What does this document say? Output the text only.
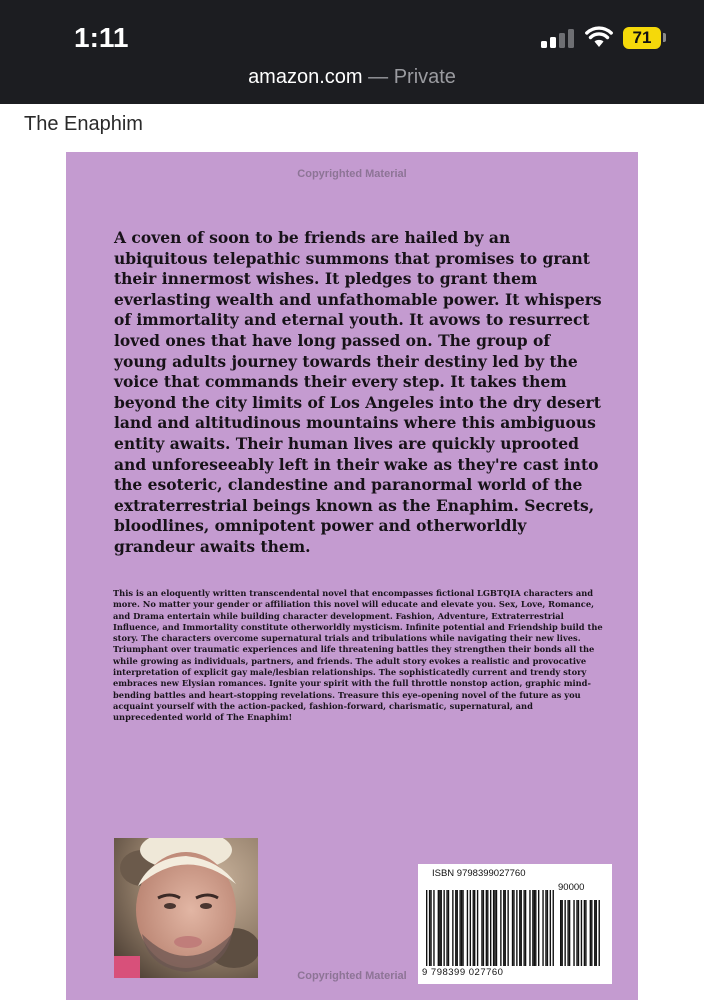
1:11	71
amazon.com — Private
The Enaphim
Copyrighted Material

A coven of soon to be friends are hailed by an ubiquitous telepathic summons that promises to grant their innermost wishes. It pledges to grant them everlasting wealth and unfathomable power. It whispers of immortality and eternal youth. It avows to resurrect loved ones that have long passed on. The group of young adults journey towards their destiny led by the voice that commands their every step. It takes them beyond the city limits of Los Angeles into the dry desert land and altitudinous mountains where this ambiguous entity awaits. Their human lives are quickly uprooted and unforeseeably left in their wake as they're cast into the esoteric, clandestine and paranormal world of the extraterrestrial beings known as the Enaphim. Secrets, bloodlines, omnipotent power and otherworldly grandeur awaits them.

This is an eloquently written transcendental novel that encompasses fictional LGBTQIA characters and more. No matter your gender or affiliation this novel will educate and elevate you. Sex, Love, Romance, and Drama entertain while building character development. Fashion, Adventure, Extraterrestrial Influence, and Immortality constitute otherworldly mysticism. Infinite potential and Friendship build the story. The characters overcome supernatural trials and tribulations while navigating their new lives. Triumphant over traumatic experiences and life threatening battles they strengthen their bonds all the while growing as individuals, partners, and friends. The adult story evokes a realistic and provocative interpretation of explicit gay male/lesbian relationships. The sophisticatedly current and trendy story embraces new Elysian romances. Ignite your spirit with the full throttle nonstop action, graphic mind-bending battles and heart-stopping revelations. Treasure this eye-opening novel of the future as you acquaint yourself with the action-packed, fashion-forward, charismatic, supernatural, and unprecedented world of The Enaphim!

ISBN 9798399027760
90000
9 798399 027760
Copyrighted Material
